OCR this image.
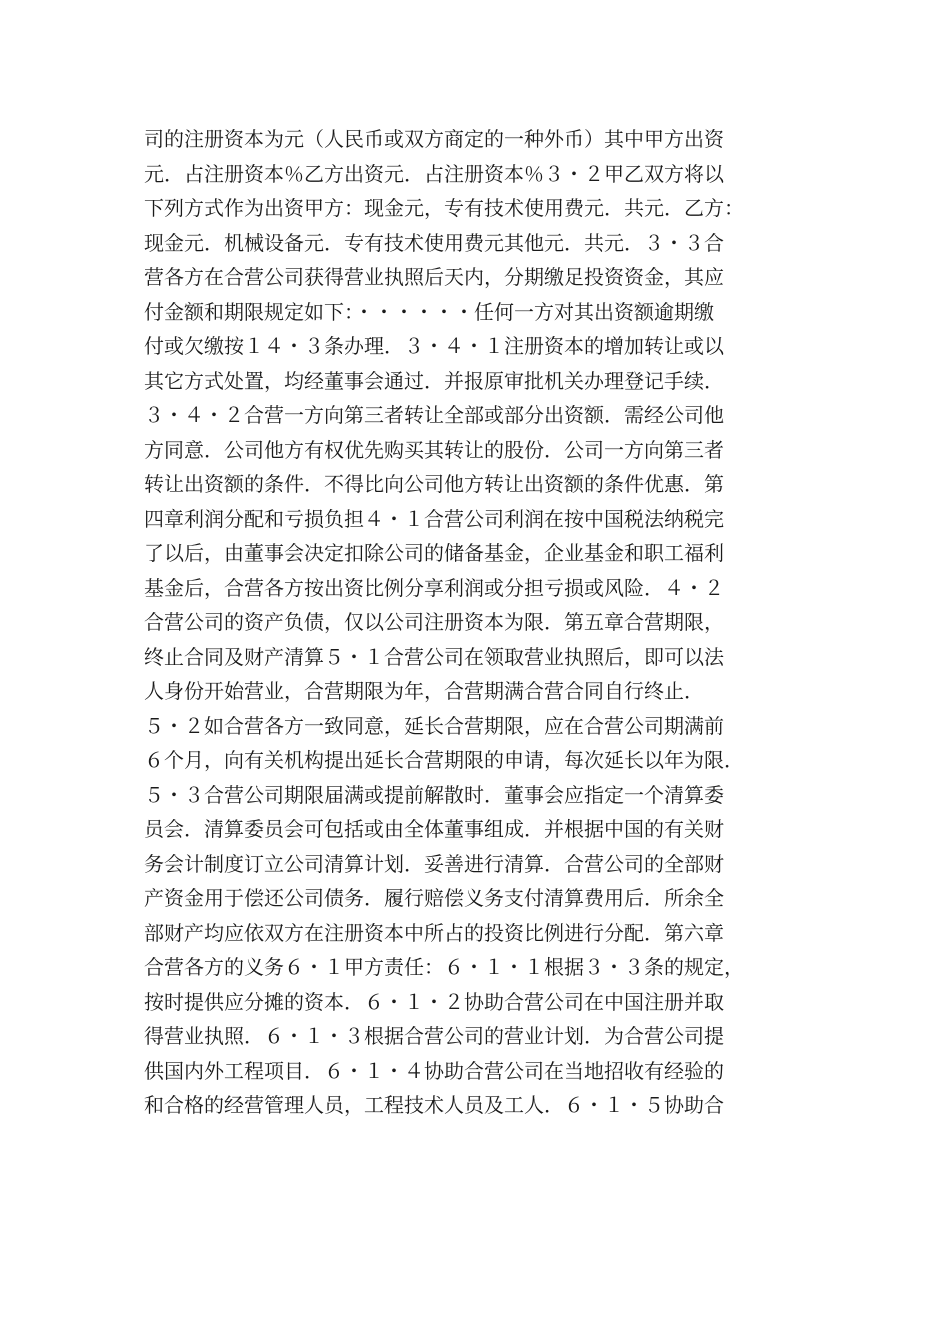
司的注册资本为元（人民币或双方商定的一种外币）其中甲方出资
元．占注册资本％乙方出资元．占注册资本％３・２甲乙双方将以
下列方式作为出资甲方：现金元，专有技术使用费元．共元．乙方：
现金元．机械设备元．专有技术使用费元其他元．共元．３・３合
营各方在合营公司获得营业执照后天内，分期缴足投资资金，其应
付金额和期限规定如下：・・・・・・任何一方对其出资额逾期缴
付或欠缴按１４・３条办理．３・４・１注册资本的增加转让或以
其它方式处置，均经董事会通过．并报原审批机关办理登记手续．
３・４・２合营一方向第三者转让全部或部分出资额．需经公司他
方同意．公司他方有权优先购买其转让的股份．公司一方向第三者
转让出资额的条件．不得比向公司他方转让出资额的条件优惠．第
四章利润分配和亏损负担４・１合营公司利润在按中国税法纳税完
了以后，由董事会决定扣除公司的储备基金，企业基金和职工福利
基金后，合营各方按出资比例分享利润或分担亏损或风险．４・２
合营公司的资产负债，仅以公司注册资本为限．第五章合营期限，
终止合同及财产清算５・１合营公司在领取营业执照后，即可以法
人身份开始营业，合营期限为年，合营期满合营合同自行终止．
５・２如合营各方一致同意，延长合营期限，应在合营公司期满前
６个月，向有关机构提出延长合营期限的申请，每次延长以年为限．
５・３合营公司期限届满或提前解散时．董事会应指定一个清算委
员会．清算委员会可包括或由全体董事组成．并根据中国的有关财
务会计制度订立公司清算计划．妥善进行清算．合营公司的全部财
产资金用于偿还公司债务．履行赔偿义务支付清算费用后．所余全
部财产均应依双方在注册资本中所占的投资比例进行分配．第六章
合营各方的义务６・１甲方责任：６・１・１根据３・３条的规定，
按时提供应分摊的资本．６・１・２协助合营公司在中国注册并取
得营业执照．６・１・３根据合营公司的营业计划．为合营公司提
供国内外工程项目．６・１・４协助合营公司在当地招收有经验的
和合格的经营管理人员，工程技术人员及工人．６・１・５协助合
